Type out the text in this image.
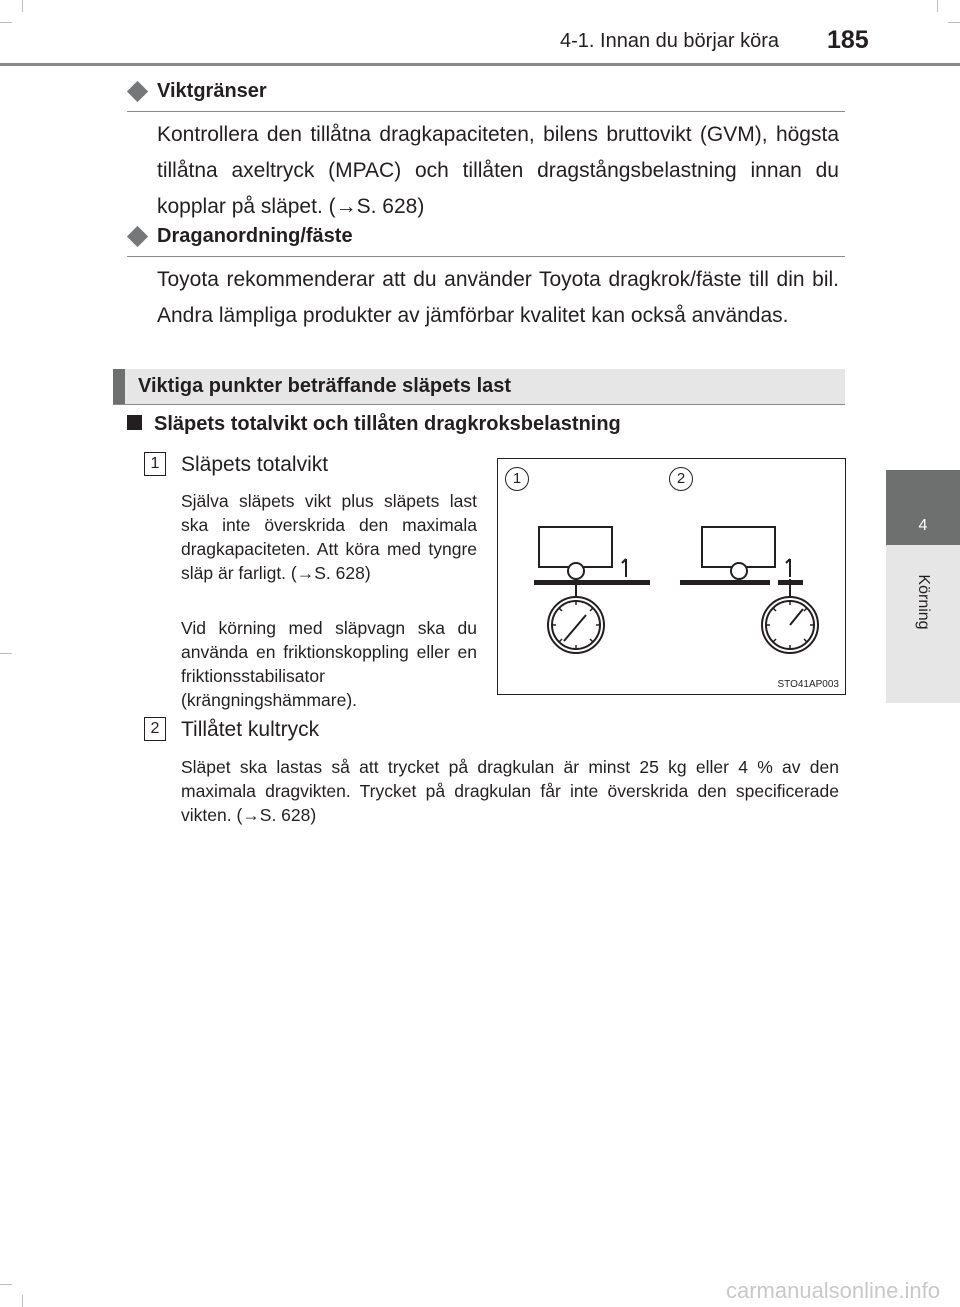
4-1. Innan du börjar köra 185
4
Körning
Viktgränser
Kontrollera den tillåtna dragkapaciteten, bilens bruttovikt (GVM), högsta tillåtna axeltryck (MPAC) och tillåten dragstångsbelastning innan du kopplar på släpet. (→S. 628)
Draganordning/fäste
Toyota rekommenderar att du använder Toyota dragkrok/fäste till din bil. Andra lämpliga produkter av jämförbar kvalitet kan också användas.
Viktiga punkter beträffande släpets last
Släpets totalvikt och tillåten dragkroksbelastning
1	Släpets totalvikt
Själva släpets vikt plus släpets last ska inte överskrida den maximala dragkapaciteten. Att köra med tyngre släp är farligt. (→S. 628)
Vid körning med släpvagn ska du använda en friktionskoppling eller en friktionsstabilisator (krängningshämmare).
1	2
STO41AP003
2	Tillåtet kultryck
Släpet ska lastas så att trycket på dragkulan är minst 25 kg eller 4 % av den maximala dragvikten. Trycket på dragkulan får inte överskrida den specificerade vikten. (→S. 628)
carmanualsonline.info
